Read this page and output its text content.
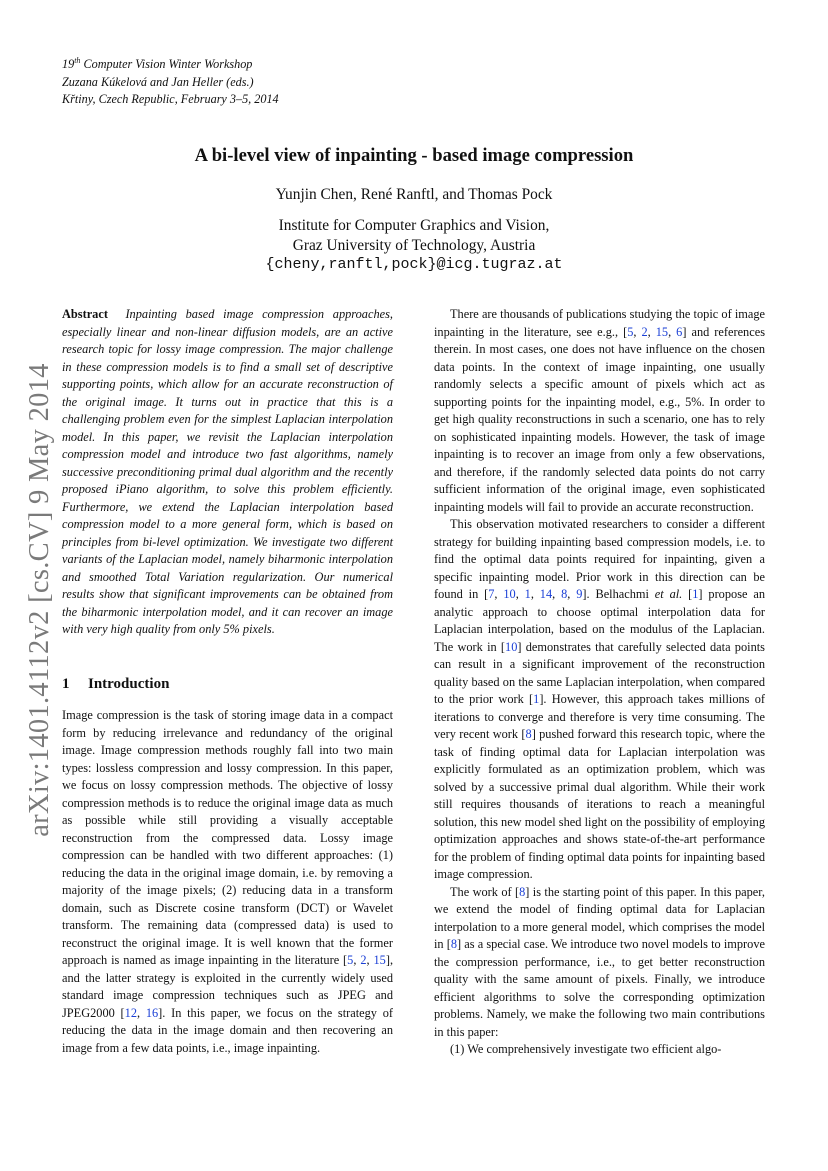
19th Computer Vision Winter Workshop
Zuzana Kúkelová and Jan Heller (eds.)
Křtiny, Czech Republic, February 3–5, 2014
arXiv:1401.4112v2 [cs.CV] 9 May 2014
A bi-level view of inpainting - based image compression
Yunjin Chen, René Ranftl, and Thomas Pock
Institute for Computer Graphics and Vision,
Graz University of Technology, Austria
{cheny,ranftl,pock}@icg.tugraz.at

Abstract Inpainting based image compression approaches, especially linear and non-linear diffusion models, are an active research topic for lossy image compression. The major challenge in these compression models is to find a small set of descriptive supporting points, which allow for an accurate reconstruction of the original image. It turns out in practice that this is a challenging problem even for the simplest Laplacian interpolation model. In this paper, we revisit the Laplacian interpolation compression model and introduce two fast algorithms, namely successive preconditioning primal dual algorithm and the recently proposed iPiano algorithm, to solve this problem efficiently. Furthermore, we extend the Laplacian interpolation based compression model to a more general form, which is based on principles from bi-level optimization. We investigate two different variants of the Laplacian model, namely biharmonic interpolation and smoothed Total Variation regularization. Our numerical results show that significant improvements can be obtained from the biharmonic interpolation model, and it can recover an image with very high quality from only 5% pixels.

1 Introduction

Image compression is the task of storing image data in a compact form by reducing irrelevance and redundancy of the original image. Image compression methods roughly fall into two main types: lossless compression and lossy compression. In this paper, we focus on lossy compression methods. The objective of lossy compression methods is to reduce the original image data as much as possible while still providing a visually acceptable reconstruction from the compressed data. Lossy image compression can be handled with two different approaches: (1) reducing the data in the original image domain, i.e. by removing a majority of the image pixels; (2) reducing data in a transform domain, such as Discrete cosine transform (DCT) or Wavelet transform. The remaining data (compressed data) is used to reconstruct the original image. It is well known that the former approach is named as image inpainting in the literature [5, 2, 15], and the latter strategy is exploited in the currently widely used standard image compression techniques such as JPEG and JPEG2000 [12, 16]. In this paper, we focus on the strategy of reducing the data in the image domain and then recovering an image from a few data points, i.e., image inpainting.

There are thousands of publications studying the topic of image inpainting in the literature, see e.g., [5, 2, 15, 6] and references therein. In most cases, one does not have influence on the chosen data points. In the context of image inpainting, one usually randomly selects a specific amount of pixels which act as supporting points for the inpainting model, e.g., 5%. In order to get high quality reconstructions in such a scenario, one has to rely on sophisticated inpainting models. However, the task of image inpainting is to recover an image from only a few observations, and therefore, if the randomly selected data points do not carry sufficient information of the original image, even sophisticated inpainting models will fail to provide an accurate reconstruction.

This observation motivated researchers to consider a different strategy for building inpainting based compression models, i.e. to find the optimal data points required for inpainting, given a specific inpainting model. Prior work in this direction can be found in [7, 10, 1, 14, 8, 9]. Belhachmi et al. [1] propose an analytic approach to choose optimal interpolation data for Laplacian interpolation, based on the modulus of the Laplacian. The work in [10] demonstrates that carefully selected data points can result in a significant improvement of the reconstruction quality based on the same Laplacian interpolation, when compared to the prior work [1]. However, this approach takes millions of iterations to converge and therefore is very time consuming. The very recent work [8] pushed forward this research topic, where the task of finding optimal data for Laplacian interpolation was explicitly formulated as an optimization problem, which was solved by a successive primal dual algorithm. While their work still requires thousands of iterations to reach a meaningful solution, this new model shed light on the possibility of employing optimization approaches and shows state-of-the-art performance for the problem of finding optimal data points for inpainting based image compression.

The work of [8] is the starting point of this paper. In this paper, we extend the model of finding optimal data for Laplacian interpolation to a more general model, which comprises the model in [8] as a special case. We introduce two novel models to improve the compression performance, i.e., to get better reconstruction quality with the same amount of pixels. Finally, we introduce efficient algorithms to solve the corresponding optimization problems. Namely, we make the following two main contributions in this paper:

(1) We comprehensively investigate two efficient algo-
